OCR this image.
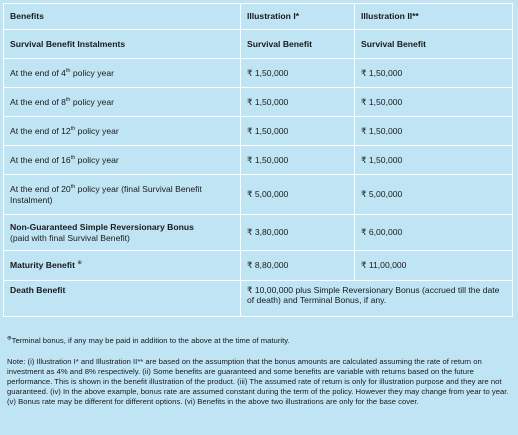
Benefits	Illustration I*	Illustration II**
Survival Benefit Instalments	Survival Benefit	Survival Benefit
At the end of 4th policy year	₹ 1,50,000	₹ 1,50,000
At the end of 8th policy year	₹ 1,50,000	₹ 1,50,000
At the end of 12th policy year	₹ 1,50,000	₹ 1,50,000
At the end of 16th policy year	₹ 1,50,000	₹ 1,50,000
At the end of 20th policy year (final Survival Benefit Instalment)	₹ 5,00,000	₹ 5,00,000
Non-Guaranteed Simple Reversionary Bonus
(paid with final Survival Benefit)	₹ 3,80,000	₹ 6,00,000
Maturity Benefit ⊕	₹ 8,80,000	₹ 11,00,000
Death Benefit	₹ 10,00,000 plus Simple Reversionary Bonus (accrued till the date of death) and Terminal Bonus, if any.	
⊕Terminal bonus, if any may be paid in addition to the above at the time of maturity.
Note: (i) Illustration I* and Illustration II** are based on the assumption that the bonus amounts are calculated assuming the rate of return on investment as 4% and 8% respectively. (ii) Some benefits are guaranteed and some benefits are variable with returns based on the future performance. This is shown in the benefit illustration of the product. (iii) The assumed rate of return is only for illustration purpose and they are not guaranteed. (iv) In the above example, bonus rate are assumed constant during the term of the policy. However they may change from year to year. (v) Bonus rate may be different for different options. (vi) Benefits in the above two illustrations are only for the base cover.
